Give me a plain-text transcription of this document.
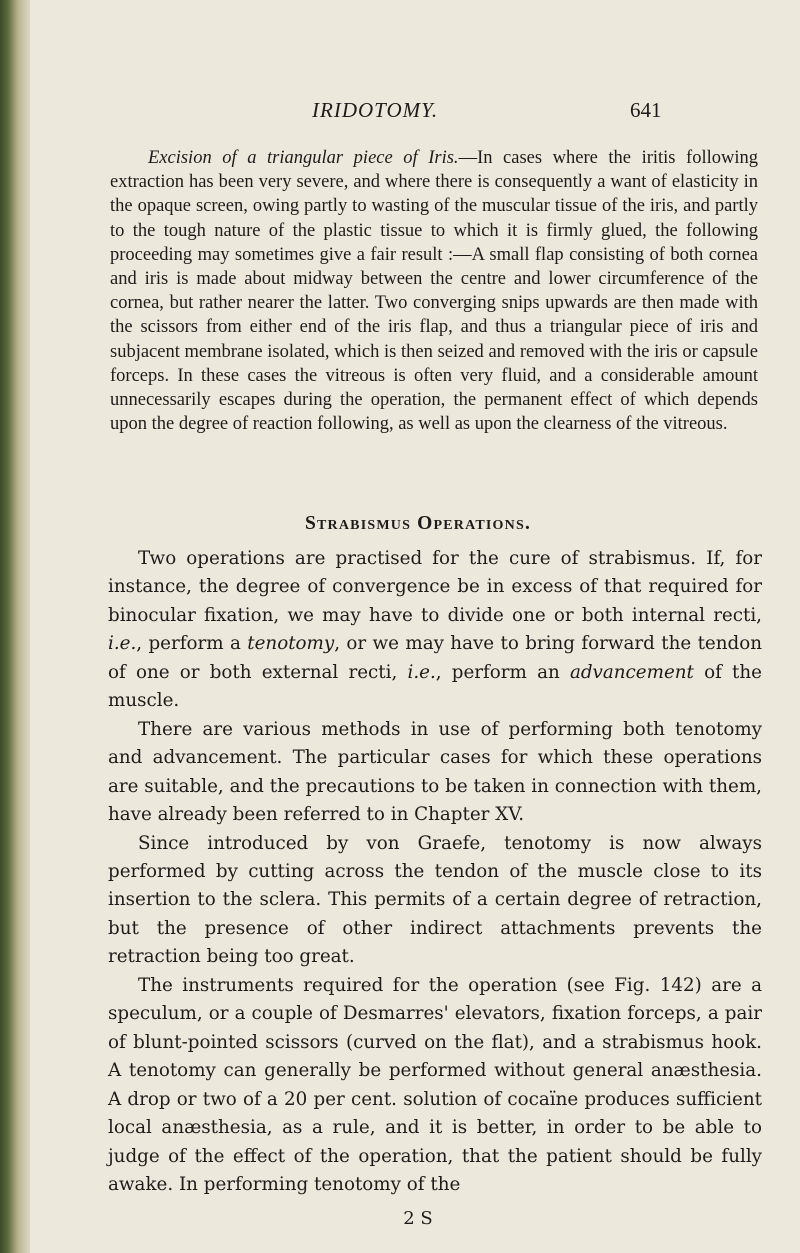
IRIDOTOMY.	641

Excision of a triangular piece of Iris.—In cases where the iritis following extraction has been very severe, and where there is consequently a want of elasticity in the opaque screen, owing partly to wasting of the muscular tissue of the iris, and partly to the tough nature of the plastic tissue to which it is firmly glued, the following proceeding may sometimes give a fair result :—A small flap consisting of both cornea and iris is made about midway between the centre and lower circumference of the cornea, but rather nearer the latter. Two converging snips upwards are then made with the scissors from either end of the iris flap, and thus a triangular piece of iris and subjacent membrane isolated, which is then seized and removed with the iris or capsule forceps. In these cases the vitreous is often very fluid, and a considerable amount unnecessarily escapes during the operation, the permanent effect of which depends upon the degree of reaction following, as well as upon the clearness of the vitreous.

Strabismus Operations.

Two operations are practised for the cure of strabismus. If, for instance, the degree of convergence be in excess of that required for binocular fixation, we may have to divide one or both internal recti, i.e., perform a tenotomy, or we may have to bring forward the tendon of one or both external recti, i.e., perform an advancement of the muscle.

There are various methods in use of performing both tenotomy and advancement. The particular cases for which these operations are suitable, and the precautions to be taken in connection with them, have already been referred to in Chapter XV.

Since introduced by von Graefe, tenotomy is now always performed by cutting across the tendon of the muscle close to its insertion to the sclera. This permits of a certain degree of retraction, but the presence of other indirect attachments prevents the retraction being too great.

The instruments required for the operation (see Fig. 142) are a speculum, or a couple of Desmarres' elevators, fixation forceps, a pair of blunt-pointed scissors (curved on the flat), and a strabismus hook. A tenotomy can generally be performed without general anæsthesia. A drop or two of a 20 per cent. solution of cocaïne produces sufficient local anæsthesia, as a rule, and it is better, in order to be able to judge of the effect of the operation, that the patient should be fully awake. In performing tenotomy of the

2 S
